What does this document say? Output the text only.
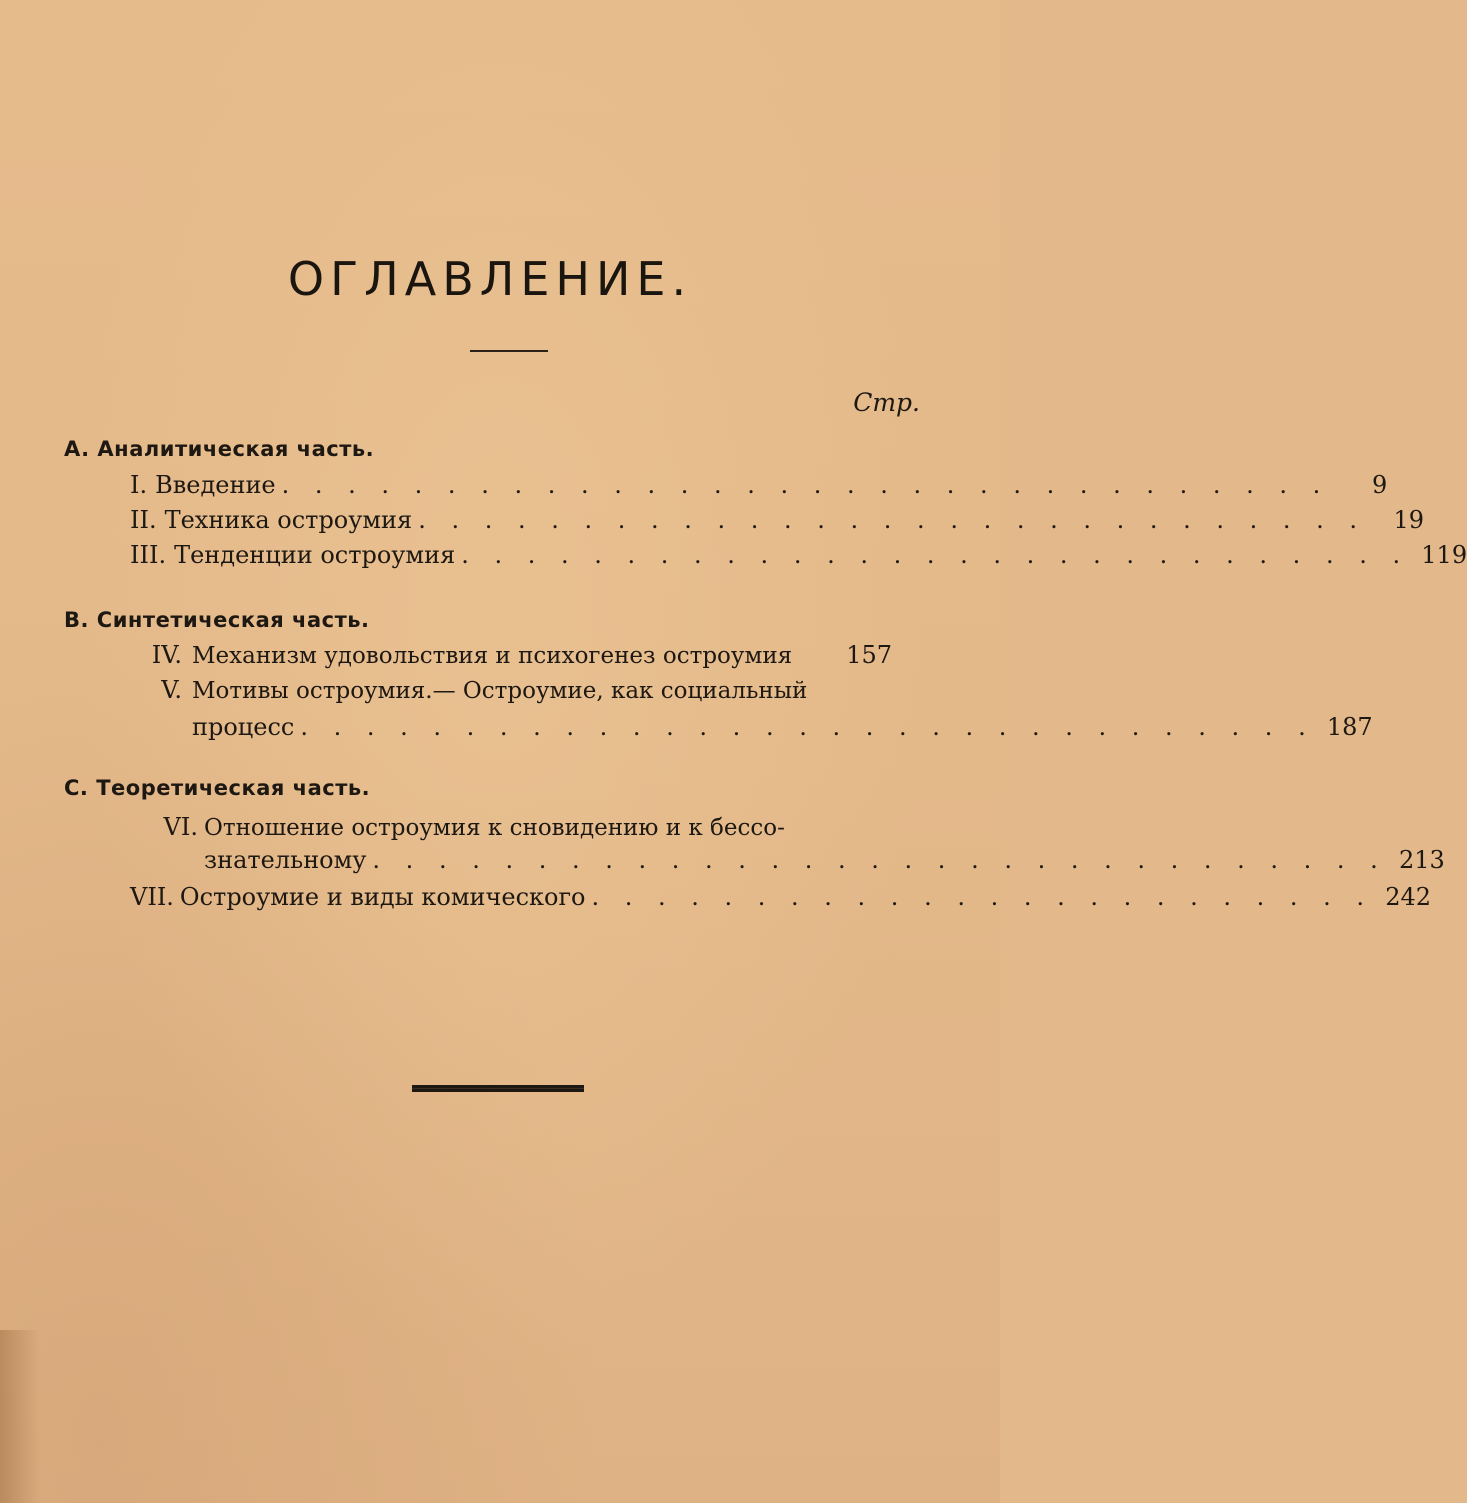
ОГЛАВЛЕНИЕ.
Стр.
A. Аналитическая часть.
I. Введение . . . . . . . . . . . . . . . . . . . . . . . . . . . . . . . .	9
II. Техника остроумия . . . . . . . . . . . . . . . . . . . . . . . . . . . . .	19
III. Тенденции остроумия . . . . . . . . . . . . . . . . . . . . . . . . . . . . . 119
B. Синтетическая часть.
IV. Механизм удовольствия и психогенез остроумия	157
V. Мотивы остроумия.— Остроумие, как социальный
процесс . . . . . . . . . . . . . . . . . . . . . . . . . . . . . . . 187
C. Теоретическая часть.
VI. Отношение остроумия к сновидению и к бессо-
знательному . . . . . . . . . . . . . . . . . . . . . . . . . . . . . . . 213
VII. Остроумие и виды комического . . . . . . . . . . . . . . . . . . . . . . . . 242
